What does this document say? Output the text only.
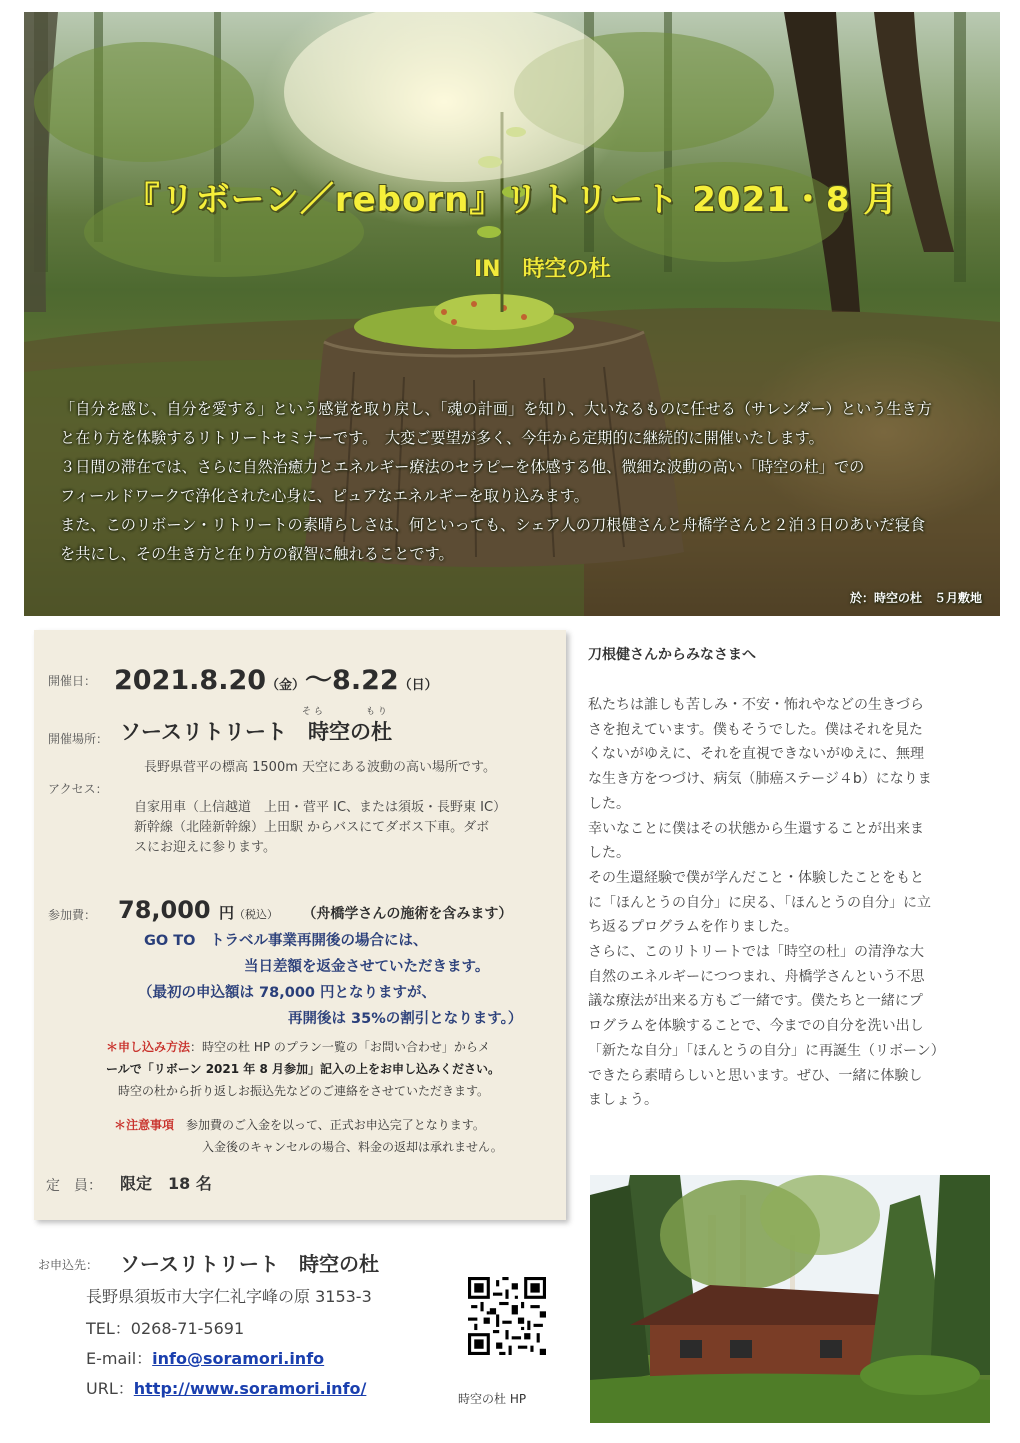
『リボーン／reborn』リトリート 2021・8 月
IN　時空の杜

「自分を感じ、自分を愛する」という感覚を取り戻し、「魂の計画」を知り、大いなるものに任せる（サレンダー）という生き方

と在り方を体験するリトリートセミナーです。　大変ご要望が多く、今年から定期的に継続的に開催いたします。

３日間の滞在では、さらに自然治癒力とエネルギー療法のセラピーを体感する他、微細な波動の高い「時空の杜」での

フィールドワークで浄化された心身に、ピュアなエネルギーを取り込みます。

また、このリボーン・リトリートの素晴らしさは、何といっても、シェア人の刀根健さんと舟橋学さんと２泊３日のあいだ寝食

を共にし、その生き方と在り方の叡智に触れることです。

於：時空の杜　５月敷地
開催日： 2021.8.20（金）〜8.22（日）
開催場所：
そ ら	も り
ソースリトリート　時空の杜
長野県菅平の標高 1500m 天空にある波動の高い場所です。
アクセス：
自家用車（上信越道　上田・菅平 IC、または須坂・長野東 IC）
新幹線（北陸新幹線）上田駅 からバスにてダボス下車。ダボ
スにお迎えに参ります。
参加費： 78,000 円（税込） （舟橋学さんの施術を含みます）
GO TO　トラベル事業再開後の場合には、
当日差額を返金させていただきます。
（最初の申込額は 78,000 円となりますが、
再開後は 35%の割引となります。）
＊申し込み方法：時空の杜 HP のプラン一覧の「お問い合わせ」からメ
ールで「リボーン 2021 年 8 月参加」記入の上をお申し込みください。
時空の杜から折り返しお振込先などのご連絡をさせていただきます。
＊注意事項　 参加費のご入金を以って、正式お申込完了となります。
入金後のキャンセルの場合、料金の返却は承れません。
定　員： 限定　18 名
お申込先： ソースリトリート　時空の杜
長野県須坂市大字仁礼字峰の原 3153-3
TEL：0268-71-5691
E-mail：info@soramori.info
URL：http://www.soramori.info/
時空の杜 HP
刀根健さんからみなさまへ

私たちは誰しも苦しみ・不安・怖れやなどの生きづら

さを抱えています。僕もそうでした。僕はそれを見た

くないがゆえに、それを直視できないがゆえに、無理

な生き方をつづけ、病気（肺癌ステージ４b）になりま

した。

幸いなことに僕はその状態から生還することが出来ま

した。

その生還経験で僕が学んだこと・体験したことをもと

に「ほんとうの自分」に戻る、「ほんとうの自分」に立

ち返るプログラムを作りました。

さらに、このリトリートでは「時空の杜」の清浄な大

自然のエネルギーにつつまれ、舟橋学さんという不思

議な療法が出来る方もご一緒です。僕たちと一緒にプ

ログラムを体験することで、今までの自分を洗い出し

「新たな自分」「ほんとうの自分」に再誕生（リボーン）

できたら素晴らしいと思います。ぜひ、一緒に体験し

ましょう。
